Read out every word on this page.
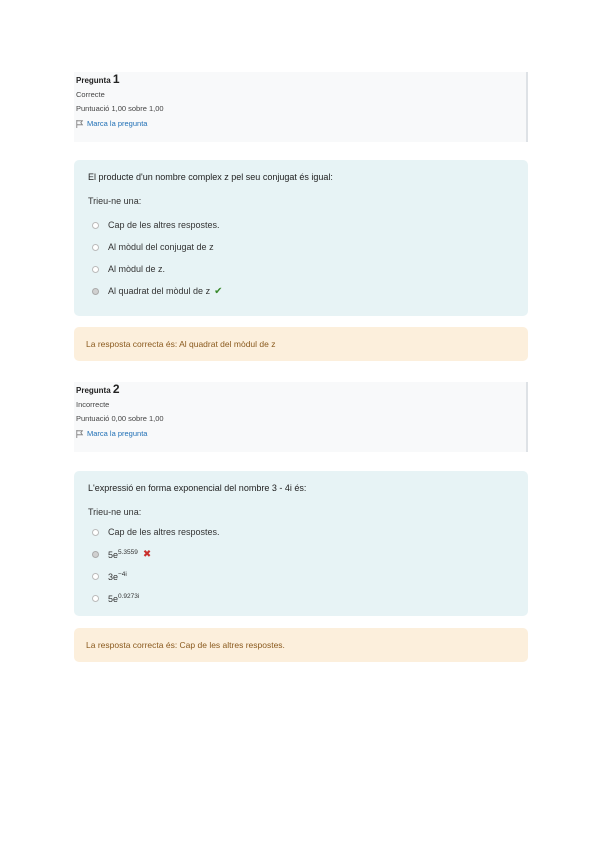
Pregunta 1
Correcte
Puntuació 1,00 sobre 1,00
Marca la pregunta
El producte d'un nombre complex z pel seu conjugat és igual:
Trieu-ne una:
Cap de les altres respostes.
Al mòdul del conjugat de z
Al mòdul de z.
Al quadrat del mòdul de z ✔
La resposta correcta és: Al quadrat del mòdul de z
Pregunta 2
Incorrecte
Puntuació 0,00 sobre 1,00
Marca la pregunta
L'expressió en forma exponencial del nombre 3 - 4i és:
Trieu-ne una:
Cap de les altres respostes.
$5e^{5.3559}$ ✖
$3e^{-4i}$
$5e^{0.9273i}$
La resposta correcta és: Cap de les altres respostes.
